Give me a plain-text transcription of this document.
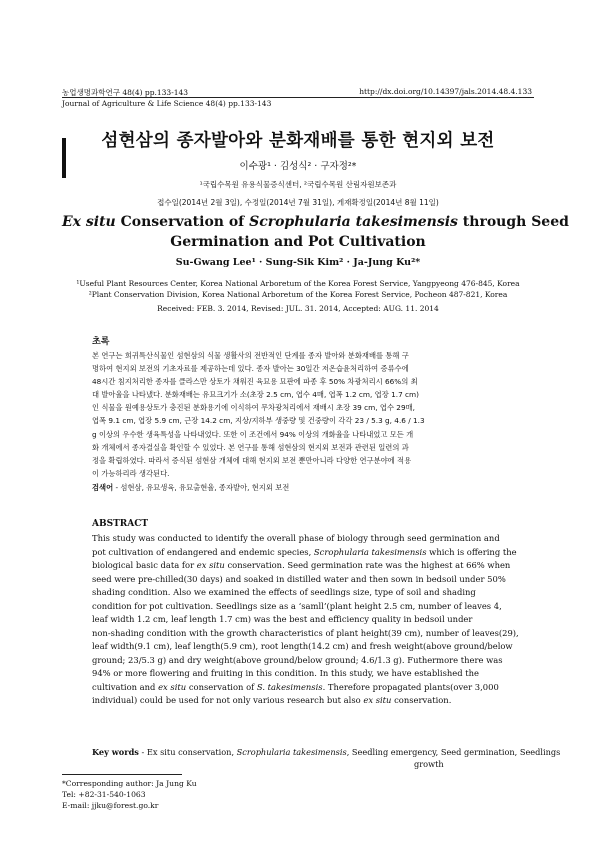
농업생명과학연구 48(4) pp.133-143
Journal of Agriculture & Life Science 48(4) pp.133-143
http://dx.doi.org/10.14397/jals.2014.48.4.133
섬현삼의 종자발아와 분화재배를 통한 현지외 보전
이수광¹ · 김성식² · 구자정²*
¹국립수목원 유용식물증식센터, ²국립수목원 산림자원보존과
접수일(2014년 2월 3일), 수정일(2014년 7월 31일), 게재확정일(2014년 8월 11일)
Ex situ Conservation of Scrophularia takesimensis through Seed
Germination and Pot Cultivation
Su-Gwang Lee¹ · Sung-Sik Kim² · Ja-Jung Ku²*
¹Useful Plant Resources Center, Korea National Arboretum of the Korea Forest Service, Yangpyeong 476-845, Korea
²Plant Conservation Division, Korea National Arboretum of the Korea Forest Service, Pocheon 487-821, Korea
Received: FEB. 3. 2014, Revised: JUL. 31. 2014, Accepted: AUG. 11. 2014
초록
본 연구는 희귀특산식물인 섬현삼의 식물 생활사의 전반적인 단계를 종자 발아와 분화재배를 통해 구
명하여 현지외 보전의 기초자료를 제공하는데 있다. 종자 발아는 30일간 저온습윤처리하여 증류수에
48시간 침지처리한 종자를 클라스만 상토가 채워진 육묘용 묘판에 파종 후 50% 차광처리시 66%의 최
대 발아율을 나타냈다. 분화재배는 유묘크기가 소(초장 2.5 cm, 엽수 4매, 엽폭 1.2 cm, 엽장 1.7 cm)
인 식물을 원예용상토가 충진된 분화용기에 이식하여 무차광처리에서 재배시 초장 39 cm, 엽수 29매,
엽폭 9.1 cm, 엽장 5.9 cm, 근장 14.2 cm, 지상/지하부 생중량 및 건중량이 각각 23 / 5.3 g, 4.6 / 1.3
g 이상의 우수한 생육특성을 나타내었다. 또한 이 조건에서 94% 이상의 개화율을 나타내었고 모든 개
화 개체에서 종자결실을 확인할 수 있었다. 본 연구를 통해 섬현삼의 현지외 보전과 관련된 일련의 과
정을 확립하였다. 따라서 증식된 섬현삼 개체에 대해 현지외 보전 뿐만아니라 다양한 연구분야에 적용
이 가능하리라 생각된다.
검색어 - 섬현삼, 유묘생육, 유묘출현율, 종자발아, 현지외 보전
ABSTRACT
This study was conducted to identify the overall phase of biology through seed germination and
pot cultivation of endangered and endemic species, Scrophularia takesimensis which is offering the
biological basic data for ex situ conservation. Seed germination rate was the highest at 66% when
seed were pre-chilled(30 days) and soaked in distilled water and then sown in bedsoil under 50%
shading condition. Also we examined the effects of seedlings size, type of soil and shading
condition for pot cultivation. Seedlings size as a ‘samll’(plant height 2.5 cm, number of leaves 4,
leaf width 1.2 cm, leaf length 1.7 cm) was the best and efficiency quality in bedsoil under
non-shading condition with the growth characteristics of plant height(39 cm), number of leaves(29),
leaf width(9.1 cm), leaf length(5.9 cm), root length(14.2 cm) and fresh weight(above ground/below
ground; 23/5.3 g) and dry weight(above ground/below ground; 4.6/1.3 g). Futhermore there was
94% or more flowering and fruiting in this condition. In this study, we have established the
cultivation and ex situ conservation of S. takesimensis. Therefore propagated plants(over 3,000
individual) could be used for not only various research but also ex situ conservation.
Key words - Ex situ conservation, Scrophularia takesimensis, Seedling emergency, Seed germination, Seedlings
growth
*Corresponding author: Ja Jung Ku
Tel: +82-31-540-1063
E-mail: jjku@forest.go.kr
